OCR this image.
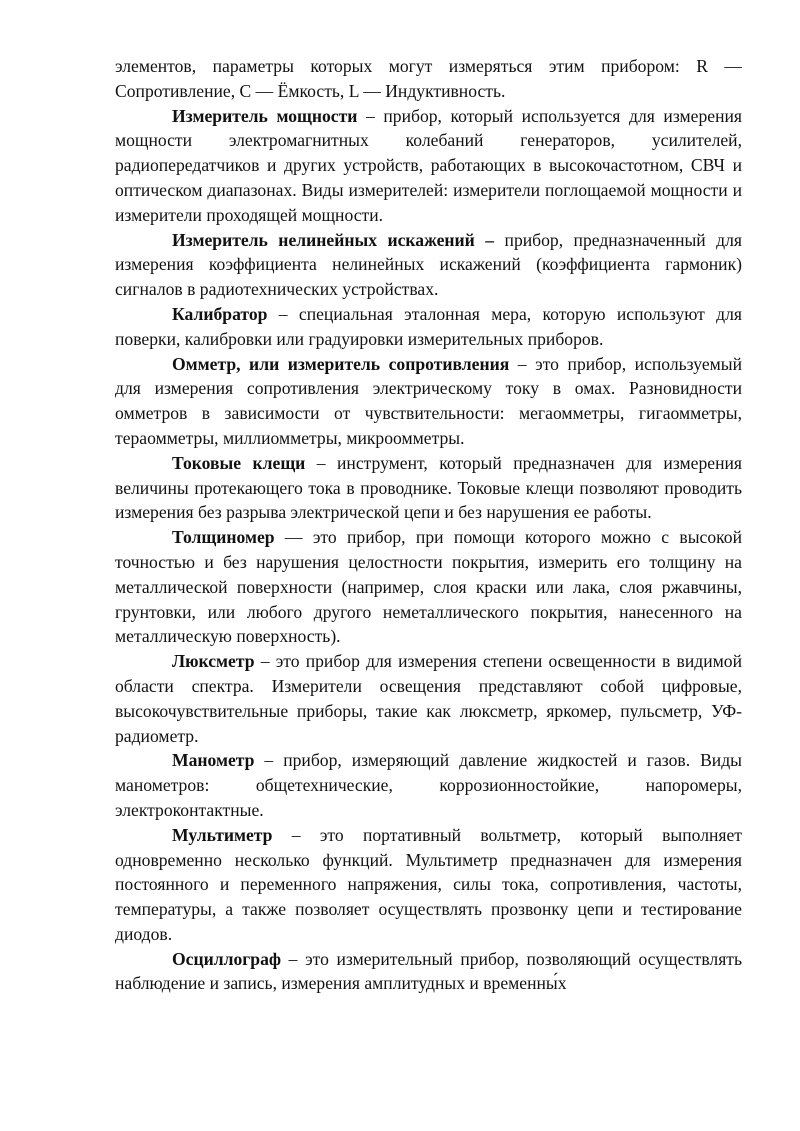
элементов, параметры которых могут измеряться этим прибором: R — Сопротивление, C — Ёмкость, L — Индуктивность.

Измеритель мощности – прибор, который используется для измерения мощности электромагнитных колебаний генераторов, усилителей, радиопередатчиков и других устройств, работающих в высокочастотном, СВЧ и оптическом диапазонах. Виды измерителей: измерители поглощаемой мощности и измерители проходящей мощности.

Измеритель нелинейных искажений – прибор, предназначенный для измерения коэффициента нелинейных искажений (коэффициента гармоник) сигналов в радиотехнических устройствах.

Калибратор – специальная эталонная мера, которую используют для поверки, калибровки или градуировки измерительных приборов.

Омметр, или измеритель сопротивления – это прибор, используемый для измерения сопротивления электрическому току в омах. Разновидности омметров в зависимости от чувствительности: мегаомметры, гигаомметры, тераомметры, миллиомметры, микроомметры.

Токовые клещи – инструмент, который предназначен для измерения величины протекающего тока в проводнике. Токовые клещи позволяют проводить измерения без разрыва электрической цепи и без нарушения ее работы.

Толщиномер — это прибор, при помощи которого можно с высокой точностью и без нарушения целостности покрытия, измерить его толщину на металлической поверхности (например, слоя краски или лака, слоя ржавчины, грунтовки, или любого другого неметаллического покрытия, нанесенного на металлическую поверхность).

Люксметр – это прибор для измерения степени освещенности в видимой области спектра. Измерители освещения представляют собой цифровые, высокочувствительные приборы, такие как люксметр, яркомер, пульсметр, УФ-радиометр.

Манометр – прибор, измеряющий давление жидкостей и газов. Виды манометров: общетехнические, коррозионностойкие, напоромеры, электроконтактные.

Мультиметр – это портативный вольтметр, который выполняет одновременно несколько функций. Мультиметр предназначен для измерения постоянного и переменного напряжения, силы тока, сопротивления, частоты, температуры, а также позволяет осуществлять прозвонку цепи и тестирование диодов.

Осциллограф – это измерительный прибор, позволяющий осуществлять наблюдение и запись, измерения амплитудных и временны́х
